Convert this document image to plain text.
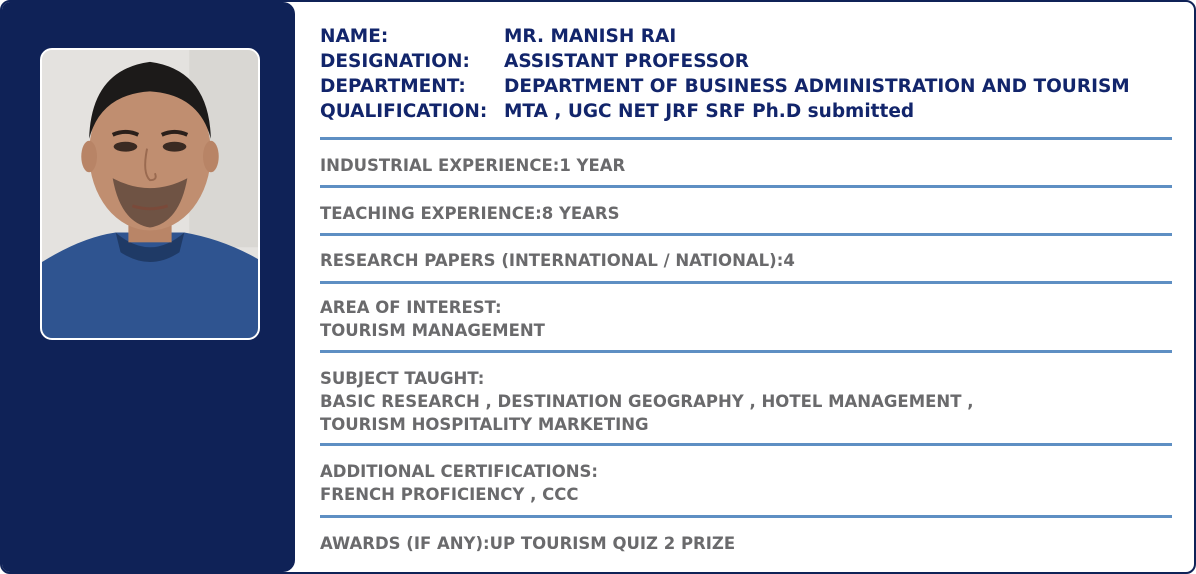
NAME:	MR. MANISH RAI
DESIGNATION:	ASSISTANT PROFESSOR
DEPARTMENT:	DEPARTMENT OF BUSINESS ADMINISTRATION AND TOURISM
QUALIFICATION: MTA , UGC NET JRF SRF Ph.D submitted
INDUSTRIAL EXPERIENCE:1 YEAR
TEACHING EXPERIENCE:8 YEARS
RESEARCH PAPERS (INTERNATIONAL / NATIONAL):4
AREA OF INTEREST:
TOURISM MANAGEMENT
SUBJECT TAUGHT:
BASIC RESEARCH , DESTINATION GEOGRAPHY , HOTEL MANAGEMENT ,
TOURISM HOSPITALITY MARKETING
ADDITIONAL CERTIFICATIONS:
FRENCH PROFICIENCY , CCC
AWARDS (IF ANY):UP TOURISM QUIZ 2 PRIZE
